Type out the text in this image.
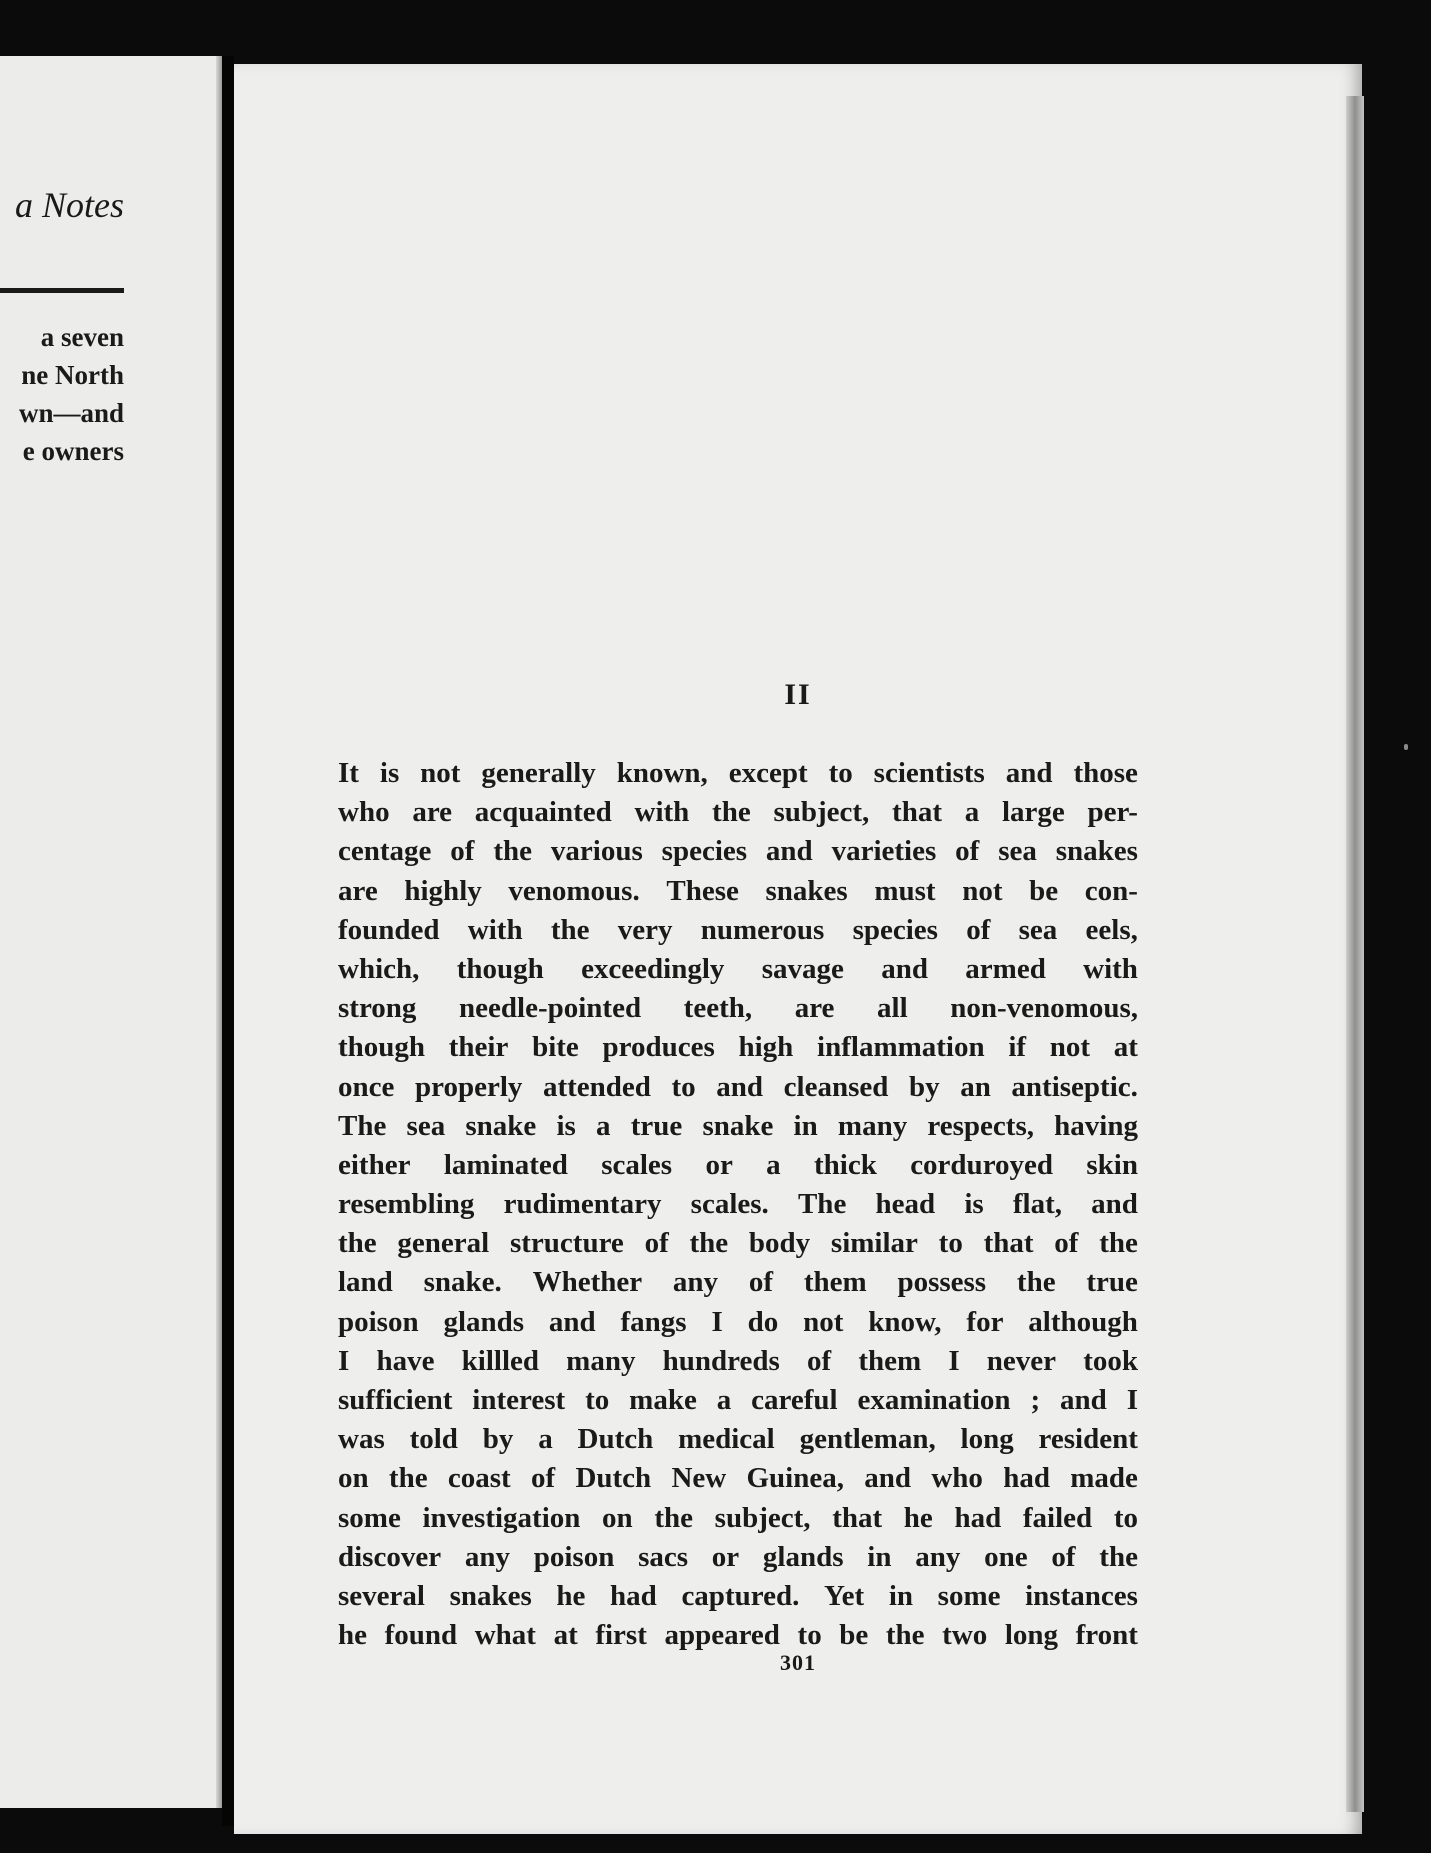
a Notes
a seven
ne North
wn—and
e owners
II
It is not generally known, except to scientists and those
who are acquainted with the subject, that a large per-
centage of the various species and varieties of sea snakes
are highly venomous. These snakes must not be con-
founded with the very numerous species of sea eels,
which, though exceedingly savage and armed with
strong needle-pointed teeth, are all non-venomous,
though their bite produces high inflammation if not at
once properly attended to and cleansed by an antiseptic.
The sea snake is a true snake in many respects, having
either laminated scales or a thick corduroyed skin
resembling rudimentary scales. The head is flat, and
the general structure of the body similar to that of the
land snake. Whether any of them possess the true
poison glands and fangs I do not know, for although
I have killled many hundreds of them I never took
sufficient interest to make a careful examination ; and I
was told by a Dutch medical gentleman, long resident
on the coast of Dutch New Guinea, and who had made
some investigation on the subject, that he had failed to
discover any poison sacs or glands in any one of the
several snakes he had captured. Yet in some instances
he found what at first appeared to be the two long front
301
